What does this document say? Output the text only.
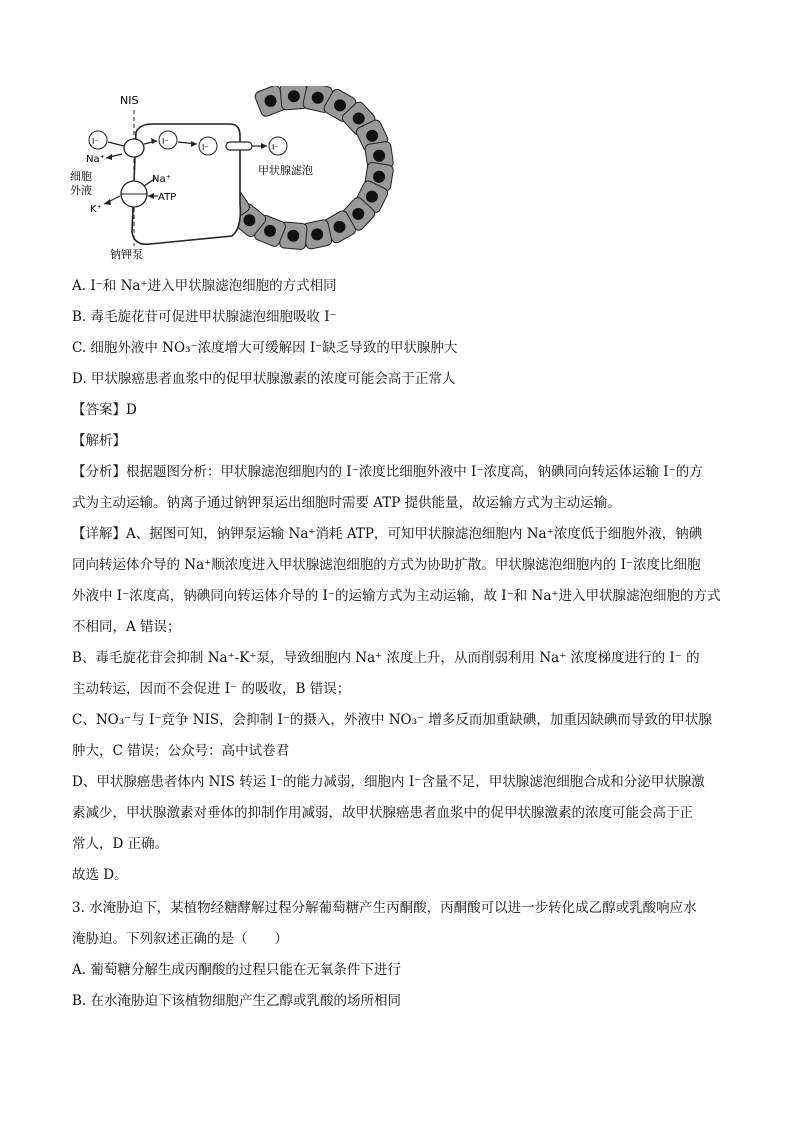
NIS
I⁻	I⁻
I⁻	I⁻
Na⁺
Na⁺
ATP
K⁺
细胞
外液
甲状腺滤泡
钠钾泵
A. I⁻和 Na⁺进入甲状腺滤泡细胞的方式相同
B. 毒毛旋花苷可促进甲状腺滤泡细胞吸收 I⁻
C. 细胞外液中 NO₃⁻浓度增大可缓解因 I⁻缺乏导致的甲状腺肿大
D. 甲状腺癌患者血浆中的促甲状腺激素的浓度可能会高于正常人
【答案】D
【解析】
【分析】根据题图分析：甲状腺滤泡细胞内的 I⁻浓度比细胞外液中 I⁻浓度高，钠碘同向转运体运输 I⁻的方
式为主动运输。钠离子通过钠钾泵运出细胞时需要 ATP 提供能量，故运输方式为主动运输。
【详解】A、据图可知，钠钾泵运输 Na⁺消耗 ATP，可知甲状腺滤泡细胞内 Na⁺浓度低于细胞外液，钠碘
同向转运体介导的 Na⁺顺浓度进入甲状腺滤泡细胞的方式为协助扩散。甲状腺滤泡细胞内的 I⁻浓度比细胞
外液中 I⁻浓度高，钠碘同向转运体介导的 I⁻的运输方式为主动运输，故 I⁻和 Na⁺进入甲状腺滤泡细胞的方式
不相同，A 错误；
B、毒毛旋花苷会抑制 Na⁺-K⁺泵，导致细胞内 Na⁺ 浓度上升，从而削弱利用 Na⁺ 浓度梯度进行的 I⁻ 的
主动转运，因而不会促进 I⁻ 的吸收，B 错误；
C、NO₃⁻与 I⁻竞争 NIS，会抑制 I⁻的摄入，外液中 NO₃⁻ 增多反而加重缺碘，加重因缺碘而导致的甲状腺
肿大，C 错误；公众号：高中试卷君
D、甲状腺癌患者体内 NIS 转运 I⁻的能力减弱，细胞内 I⁻含量不足，甲状腺滤泡细胞合成和分泌甲状腺激
素减少，甲状腺激素对垂体的抑制作用减弱，故甲状腺癌患者血浆中的促甲状腺激素的浓度可能会高于正
常人，D 正确。
故选 D。
3. 水淹胁迫下，某植物经糖酵解过程分解葡萄糖产生丙酮酸，丙酮酸可以进一步转化成乙醇或乳酸响应水
淹胁迫。下列叙述正确的是（　　）
A. 葡萄糖分解生成丙酮酸的过程只能在无氧条件下进行
B. 在水淹胁迫下该植物细胞产生乙醇或乳酸的场所相同
